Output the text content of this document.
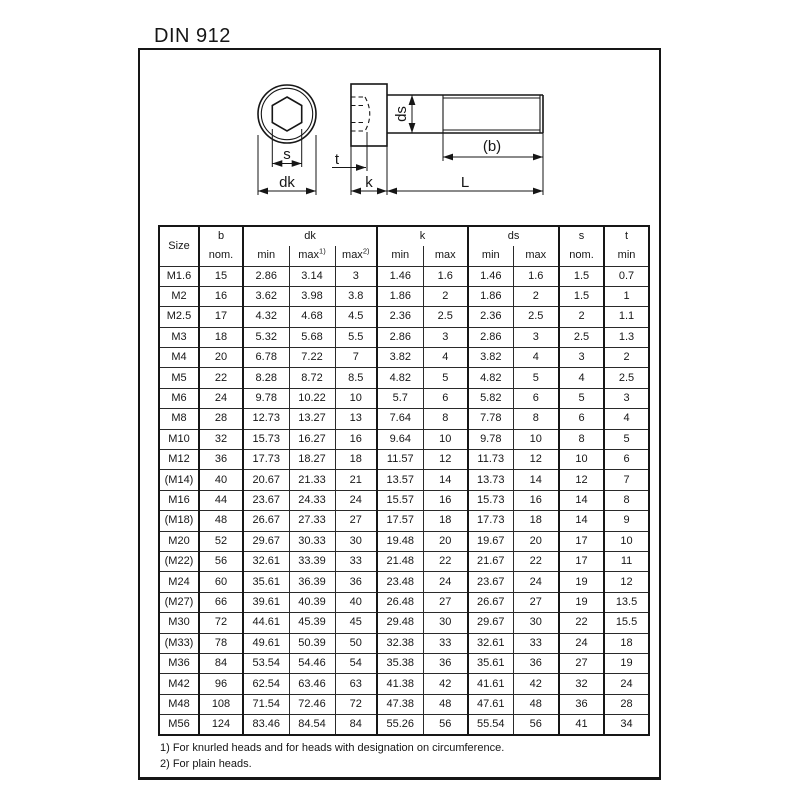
DIN 912
s
dk
t
k	L
(b)
ds
Size	b	dk			k		ds		s	t
	nom.	min	$\max^{1)}$	$\max^{2)}$	min	max	min	max	nom.	min
M1.6	15	2.86	3.14	3	1.46	1.6	1.46	1.6	1.5	0.7
M2	16	3.62	3.98	3.8	1.86	2	1.86	2	1.5	1
M2.5	17	4.32	4.68	4.5	2.36	2.5	2.36	2.5	2	1.1
M3	18	5.32	5.68	5.5	2.86	3	2.86	3	2.5	1.3
M4	20	6.78	7.22	7	3.82	4	3.82	4	3	2
M5	22	8.28	8.72	8.5	4.82	5	4.82	5	4	2.5
M6	24	9.78	10.22	10	5.7	6	5.82	6	5	3
M8	28	12.73	13.27	13	7.64	8	7.78	8	6	4
M10	32	15.73	16.27	16	9.64	10	9.78	10	8	5
M12	36	17.73	18.27	18	11.57	12	11.73	12	10	6
(M14)	40	20.67	21.33	21	13.57	14	13.73	14	12	7
M16	44	23.67	24.33	24	15.57	16	15.73	16	14	8
(M18)	48	26.67	27.33	27	17.57	18	17.73	18	14	9
M20	52	29.67	30.33	30	19.48	20	19.67	20	17	10
(M22)	56	32.61	33.39	33	21.48	22	21.67	22	17	11
M24	60	35.61	36.39	36	23.48	24	23.67	24	19	12
(M27)	66	39.61	40.39	40	26.48	27	26.67	27	19	13.5
M30	72	44.61	45.39	45	29.48	30	29.67	30	22	15.5
(M33)	78	49.61	50.39	50	32.38	33	32.61	33	24	18
M36	84	53.54	54.46	54	35.38	36	35.61	36	27	19
M42	96	62.54	63.46	63	41.38	42	41.61	42	32	24
M48	108	71.54	72.46	72	47.38	48	47.61	48	36	28
M56	124	83.46	84.54	84	55.26	56	55.54	56	41	34
1) For knurled heads and for heads with designation on circumference.
2) For plain heads.
